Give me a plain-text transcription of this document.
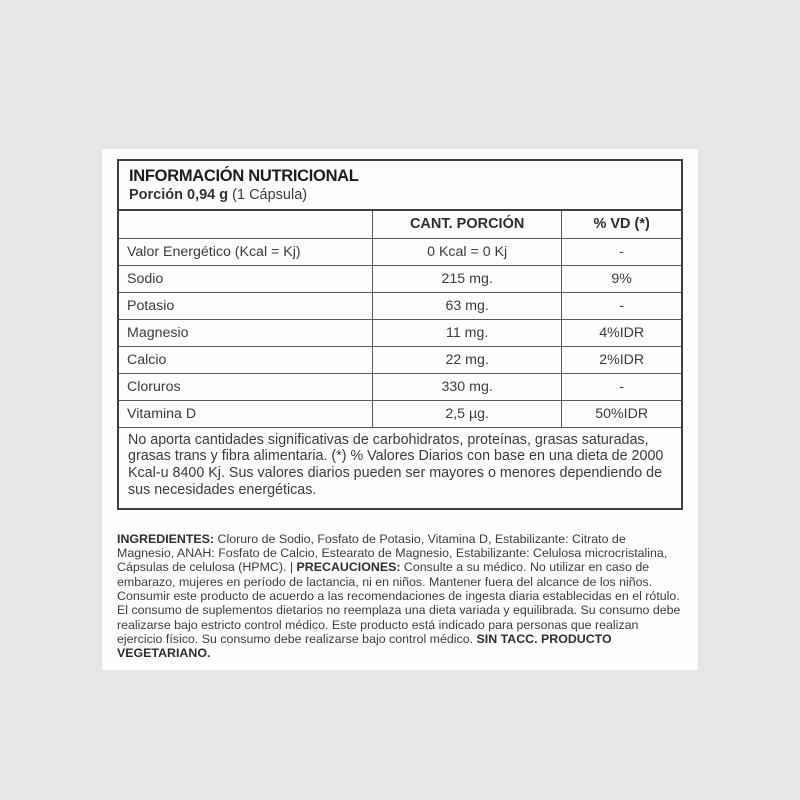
INFORMACIÓN NUTRICIONAL
Porción 0,94 g (1 Cápsula)
	CANT. PORCIÓN	% VD (*)
Valor Energético (Kcal = Kj)	0 Kcal = 0 Kj	-
Sodio	215 mg.	9%
Potasio	63 mg.	-
Magnesio	11 mg.	4%IDR
Calcio	22 mg.	2%IDR
Cloruros	330 mg.	-
Vitamina D	2,5 µg.	50%IDR
No aporta cantidades significativas de carbohidratos, proteínas, grasas saturadas, grasas trans y fibra alimentaria. (*) % Valores Diarios con base en una dieta de 2000 Kcal-u 8400 Kj. Sus valores diarios pueden ser mayores o menores dependiendo de sus necesidades energéticas.		

INGREDIENTES: Cloruro de Sodio, Fosfato de Potasio, Vitamina D, Estabilizante: Citrato de Magnesio, ANAH: Fosfato de Calcio, Estearato de Magnesio, Estabilizante: Celulosa microcristalina, Cápsulas de celulosa (HPMC). | PRECAUCIONES: Consulte a su médico. No utilizar en caso de embarazo, mujeres en período de lactancia, ni en niños. Mantener fuera del alcance de los niños. Consumir este producto de acuerdo a las recomendaciones de ingesta diaria establecidas en el rótulo. El consumo de suplementos dietarios no reemplaza una dieta variada y equilibrada. Su consumo debe realizarse bajo estricto control médico. Este producto está indicado para personas que realizan ejercicio físico. Su consumo debe realizarse bajo control médico. SIN TACC. PRODUCTO VEGETARIANO.
